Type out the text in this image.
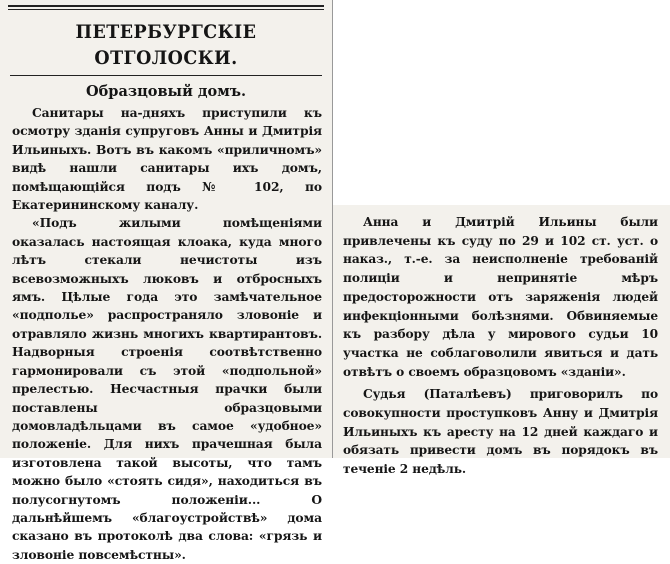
ПЕТЕРБУРГСКІЕ ОТГОЛОСКИ.
Образцовый домъ.

Санитары на-дняхъ приступили къ осмотру зданія супруговъ Анны и Дмитрія Ильиныхъ. Вотъ въ какомъ «приличномъ» видѣ нашли санитары ихъ домъ, помѣщающійся подъ № 102, по Екатерининскому каналу.

«Подъ жилыми помѣщеніями оказалась настоящая клоака, куда много лѣтъ стекали нечистоты изъ всевозможныхъ люковъ и отбросныхъ ямъ. Цѣлые года это замѣчательное «подполье» распространяло зловоніе и отравляло жизнь многихъ квартирантовъ. Надворныя строенія соотвѣтственно гармонировали съ этой «подпольной» прелестью. Несчастныя прачки были поставлены образцовыми домовладѣльцами въ самое «удобное» положеніе. Для нихъ прачешная была изготовлена такой высоты, что тамъ можно было «стоять сидя», находиться въ полусогнутомъ положеніи... О дальнѣйшемъ «благоустройствѣ» дома сказано въ протоколѣ два слова: «грязь и зловоніе повсемѣстны».

Анна и Дмитрій Ильины были привлечены къ суду по 29 и 102 ст. уст. о наказ., т.-е. за неисполненіе требованій полиціи и непринятіе мѣръ предосторожности отъ заряженія людей инфекціонными болѣзнями. Обвиняемые къ разбору дѣла у мирового судьи 10 участка не соблаговолили явиться и дать отвѣтъ о своемъ образцовомъ «зданіи».

Судья (Паталѣевъ) приговорилъ по совокупности проступковъ Анну и Дмитрія Ильиныхъ къ аресту на 12 дней каждаго и обязать привести домъ въ порядокъ въ теченіе 2 недѣль.
